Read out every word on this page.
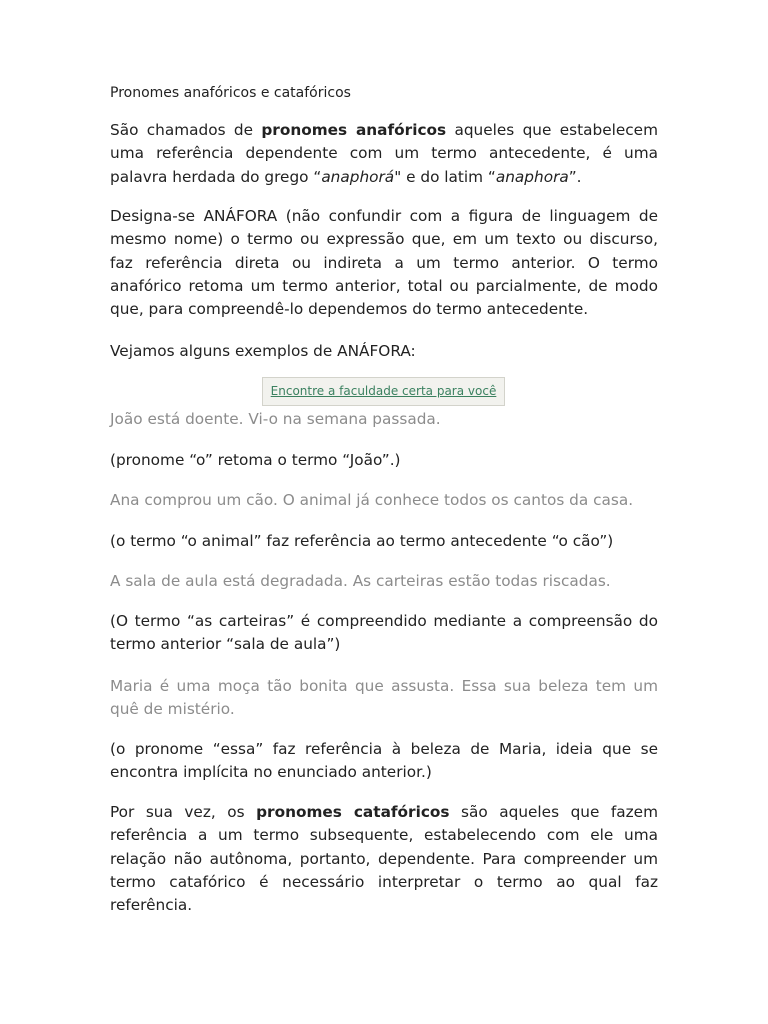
Pronomes anafóricos e catafóricos
São chamados de pronomes anafóricos aqueles que estabelecem
uma referência dependente com um termo antecedente, é uma
palavra herdada do grego “anaphorá" e do latim “anaphora”.
Designa-se ANÁFORA (não confundir com a figura de linguagem de
mesmo nome) o termo ou expressão que, em um texto ou discurso,
faz referência direta ou indireta a um termo anterior. O termo
anafórico retoma um termo anterior, total ou parcialmente, de modo
que, para compreendê-lo dependemos do termo antecedente.
Vejamos alguns exemplos de ANÁFORA:
Encontre a faculdade certa para você
João está doente. Vi-o na semana passada.
(pronome “o” retoma o termo “João”.)
Ana comprou um cão. O animal já conhece todos os cantos da casa.
(o termo “o animal” faz referência ao termo antecedente “o cão”)
A sala de aula está degradada. As carteiras estão todas riscadas.
(O termo “as carteiras” é compreendido mediante a compreensão do
termo anterior “sala de aula”)
Maria é uma moça tão bonita que assusta. Essa sua beleza tem um
quê de mistério.
(o pronome “essa” faz referência à beleza de Maria, ideia que se
encontra implícita no enunciado anterior.)
Por sua vez, os pronomes catafóricos são aqueles que fazem
referência a um termo subsequente, estabelecendo com ele uma
relação não autônoma, portanto, dependente. Para compreender um
termo catafórico é necessário interpretar o termo ao qual faz
referência.
